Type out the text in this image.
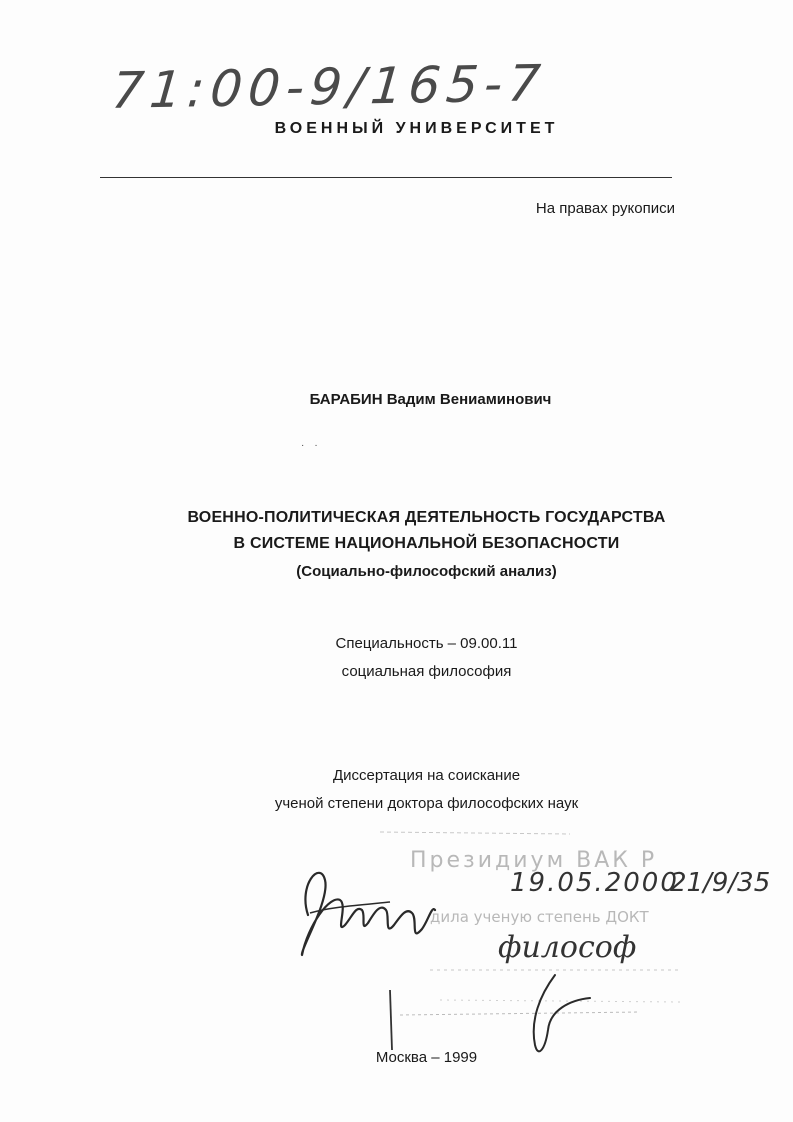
71:00-9/165-7
ВОЕННЫЙ УНИВЕРСИТЕТ
На правах рукописи
БАРАБИН Вадим Вениаминович
··
ВОЕННО-ПОЛИТИЧЕСКАЯ ДЕЯТЕЛЬНОСТЬ ГОСУДАРСТВА
В СИСТЕМЕ НАЦИОНАЛЬНОЙ БЕЗОПАСНОСТИ
(Социально-философский анализ)
Специальность – 09.00.11
социальная философия
Диссертация на соискание
ученой степени доктора философских наук
Президиум ВАК Р
дила ученую степень ДОКТ
19.05.2000
21/9/35
философ
Москва – 1999
